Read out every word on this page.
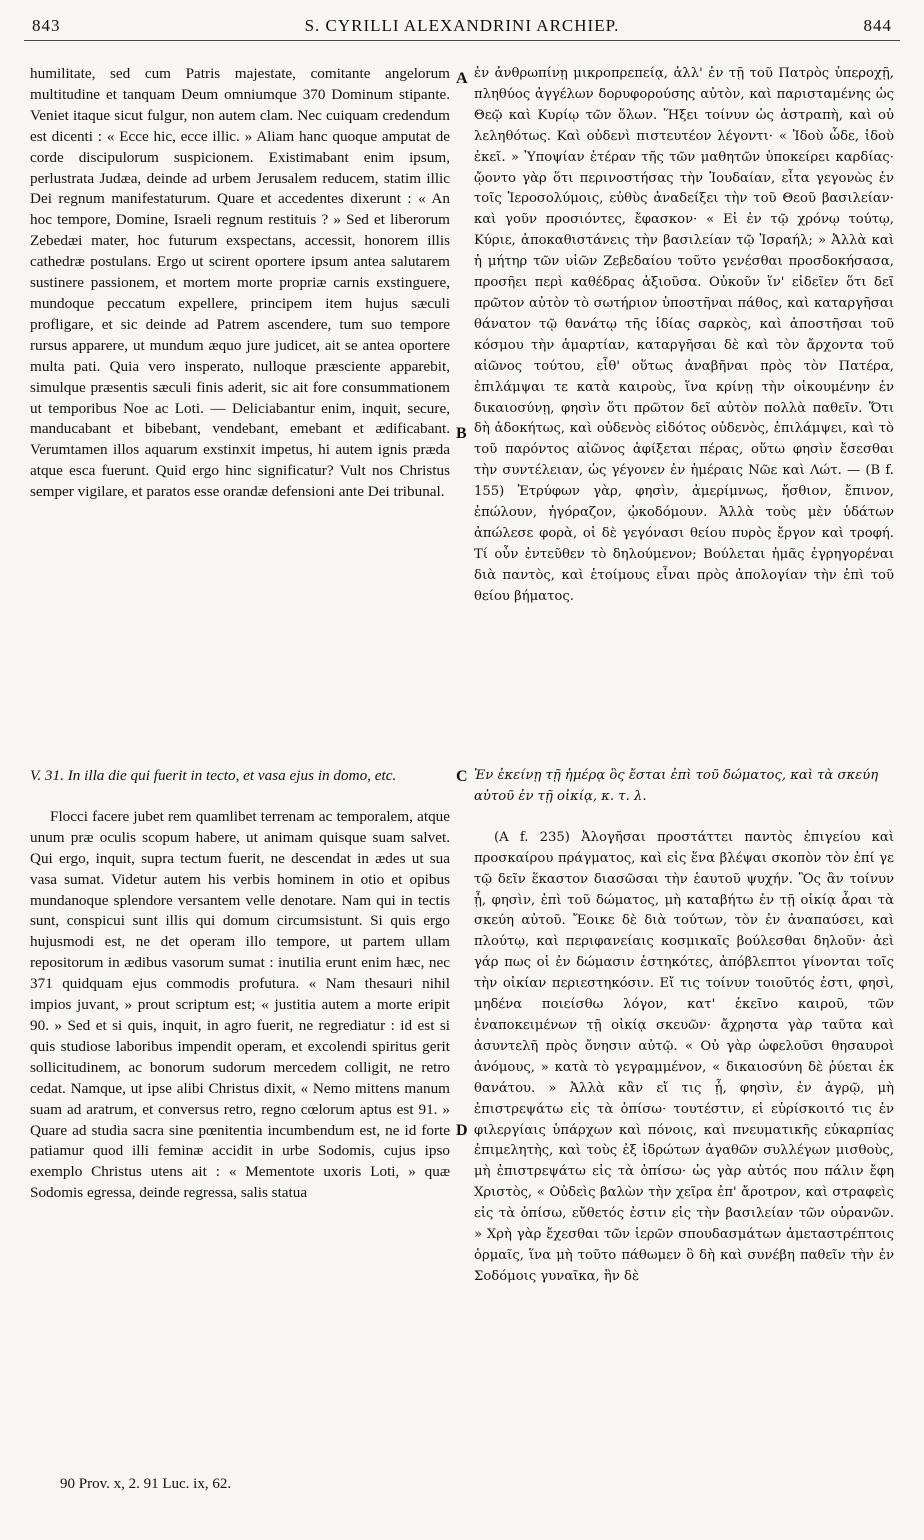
843	S. CYRILLI ALEXANDRINI ARCHIEP.	844
A
B
C
D

humilitate, sed cum Patris majestate, comitante angelorum multitudine et tanquam Deum omniumque 370 Dominum stipante. Veniet itaque sicut fulgur, non autem clam. Nec cuiquam credendum est dicenti : « Ecce hic, ecce illic. » Aliam hanc quoque amputat de corde discipulorum suspicionem. Existimabant enim ipsum, perlustrata Judæa, deinde ad urbem Jerusalem reducem, statim illic Dei regnum manifestaturum. Quare et accedentes dixerunt : « An hoc tempore, Domine, Israeli regnum restituis ? » Sed et liberorum Zebedæi mater, hoc futurum exspectans, accessit, honorem illis cathedræ postulans. Ergo ut scirent oportere ipsum antea salutarem sustinere passionem, et mortem morte propriæ carnis exstinguere, mundoque peccatum expellere, principem item hujus sæculi profligare, et sic deinde ad Patrem ascendere, tum suo tempore rursus apparere, ut mundum æquo jure judicet, ait se antea oportere multa pati. Quia vero insperato, nulloque præsciente apparebit, simulque præsentis sæculi finis aderit, sic ait fore consummationem ut temporibus Noe ac Loti. — Deliciabantur enim, inquit, secure, manducabant et bibebant, vendebant, emebant et ædificabant. Verumtamen illos aquarum exstinxit impetus, hi autem ignis præda atque esca fuerunt. Quid ergo hinc significatur? Vult nos Christus semper vigilare, et paratos esse orandæ defensioni ante Dei tribunal.

ἐν ἀνθρωπίνῃ μικροπρεπείᾳ, ἀλλ' ἐν τῇ τοῦ Πατρὸς ὑπεροχῇ, πληθύος ἀγγέλων δορυφορούσης αὐτὸν, καὶ παρισταμένης ὡς Θεῷ καὶ Κυρίῳ τῶν ὅλων. Ἥξει τοίνυν ὡς ἀστραπὴ, καὶ οὐ λεληθότως. Καὶ οὐδενὶ πιστευτέον λέγοντι· « Ἰδοὺ ὧδε, ἰδοὺ ἐκεῖ. » Ὑποψίαν ἑτέραν τῆς τῶν μαθητῶν ὑποκείρει καρδίας· ᾤοντο γὰρ ὅτι περινοστήσας τὴν Ἰουδαίαν, εἶτα γεγονὼς ἐν τοῖς Ἱεροσολύμοις, εὐθὺς ἀναδείξει τὴν τοῦ Θεοῦ βασιλείαν· καὶ γοῦν προσιόντες, ἔφασκον· « Εἰ ἐν τῷ χρόνῳ τούτῳ, Κύριε, ἀποκαθιστάνεις τὴν βασιλείαν τῷ Ἰσραήλ; » Ἀλλὰ καὶ ἡ μήτηρ τῶν υἱῶν Ζεβεδαίου τοῦτο γενέσθαι προσδοκήσασα, προσῆει περὶ καθέδρας ἀξιοῦσα. Οὐκοῦν ἵν' εἰδεῖεν ὅτι δεῖ πρῶτον αὐτὸν τὸ σωτήριον ὑποστῆναι πάθος, καὶ καταργῆσαι θάνατον τῷ θανάτῳ τῆς ἰδίας σαρκὸς, καὶ ἀποστῆσαι τοῦ κόσμου τὴν ἁμαρτίαν, καταργῆσαι δὲ καὶ τὸν ἄρχοντα τοῦ αἰῶνος τούτου, εἶθ' οὕτως ἀναβῆναι πρὸς τὸν Πατέρα, ἐπιλάμψαι τε κατὰ καιροὺς, ἵνα κρίνῃ τὴν οἰκουμένην ἐν δικαιοσύνῃ, φησὶν ὅτι πρῶτον δεῖ αὐτὸν πολλὰ παθεῖν. Ὅτι δὴ ἀδοκήτως, καὶ οὐδενὸς εἰδότος οὐδενὸς, ἐπιλάμψει, καὶ τὸ τοῦ παρόντος αἰῶνος ἀφίξεται πέρας, οὕτω φησὶν ἔσεσθαι τὴν συντέλειαν, ὡς γέγονεν ἐν ἡμέραις Νῶε καὶ Λώτ. — (B f. 155) Ἐτρύφων γὰρ, φησὶν, ἀμερίμνως, ἤσθιον, ἔπινον, ἐπώλουν, ἠγόραζον, ᾠκοδόμουν. Ἀλλὰ τοὺς μὲν ὑδάτων ἀπώλεσε φορὰ, οἱ δὲ γεγόνασι θείου πυρὸς ἔργον καὶ τροφή. Τί οὖν ἐντεῦθεν τὸ δηλούμενον; Βούλεται ἡμᾶς ἐγρηγορέναι διὰ παντὸς, καὶ ἑτοίμους εἶναι πρὸς ἀπολογίαν τὴν ἐπὶ τοῦ θείου βήματος.

V. 31. In illa die qui fuerit in tecto, et vasa ejus in domo, etc.

Flocci facere jubet rem quamlibet terrenam ac temporalem, atque unum præ oculis scopum habere, ut animam quisque suam salvet. Qui ergo, inquit, supra tectum fuerit, ne descendat in ædes ut sua vasa sumat. Videtur autem his verbis hominem in otio et opibus mundanoque splendore versantem velle denotare. Nam qui in tectis sunt, conspicui sunt illis qui domum circumsistunt. Si quis ergo hujusmodi est, ne det operam illo tempore, ut partem ullam repositorum in ædibus vasorum sumat : inutilia erunt enim hæc, nec 371 quidquam ejus commodis profutura. « Nam thesauri nihil impios juvant, » prout scriptum est; « justitia autem a morte eripit 90. » Sed et si quis, inquit, in agro fuerit, ne regrediatur : id est si quis studiose laboribus impendit operam, et excolendi spiritus gerit sollicitudinem, ac bonorum sudorum mercedem colligit, ne retro cedat. Namque, ut ipse alibi Christus dixit, « Nemo mittens manum suam ad aratrum, et conversus retro, regno cœlorum aptus est 91. » Quare ad studia sacra sine pœnitentia incumbendum est, ne id forte patiamur quod illi feminæ accidit in urbe Sodomis, cujus ipso exemplo Christus utens ait : « Mementote uxoris Loti, » quæ Sodomis egressa, deinde regressa, salis statua

Ἐν ἐκείνῃ τῇ ἡμέρᾳ ὃς ἔσται ἐπὶ τοῦ δώματος, καὶ τὰ σκεύη αὐτοῦ ἐν τῇ οἰκίᾳ, κ. τ. λ.

(A f. 235) Ἀλογῆσαι προστάττει παντὸς ἐπιγείου καὶ προσκαίρου πράγματος, καὶ εἰς ἕνα βλέψαι σκοπὸν τὸν ἐπί γε τῷ δεῖν ἕκαστον διασῶσαι τὴν ἑαυτοῦ ψυχήν. Ὃς ἂν τοίνυν ᾖ, φησὶν, ἐπὶ τοῦ δώματος, μὴ καταβήτω ἐν τῇ οἰκίᾳ ἆραι τὰ σκεύη αὐτοῦ. Ἔοικε δὲ διὰ τούτων, τὸν ἐν ἀναπαύσει, καὶ πλούτῳ, καὶ περιφανείαις κοσμικαῖς βούλεσθαι δηλοῦν· ἀεὶ γάρ πως οἱ ἐν δώμασιν ἑστηκότες, ἀπόβλεπτοι γίνονται τοῖς τὴν οἰκίαν περιεστηκόσιν. Εἴ τις τοίνυν τοιοῦτός ἐστι, φησὶ, μηδένα ποιείσθω λόγον, κατ' ἐκεῖνο καιροῦ, τῶν ἐναποκειμένων τῇ οἰκίᾳ σκευῶν· ἄχρηστα γὰρ ταῦτα καὶ ἀσυντελῆ πρὸς ὄνησιν αὐτῷ. « Οὐ γὰρ ὠφελοῦσι θησαυροὶ ἀνόμους, » κατὰ τὸ γεγραμμένον, « δικαιοσύνη δὲ ῥύεται ἐκ θανάτου. » Ἀλλὰ κἂν εἴ τις ᾖ, φησὶν, ἐν ἀγρῷ, μὴ ἐπιστρεψάτω εἰς τὰ ὀπίσω· τουτέστιν, εἰ εὑρίσκοιτό τις ἐν φιλεργίαις ὑπάρχων καὶ πόνοις, καὶ πνευματικῆς εὐκαρπίας ἐπιμελητὴς, καὶ τοὺς ἐξ ἱδρώτων ἀγαθῶν συλλέγων μισθοὺς, μὴ ἐπιστρεψάτω εἰς τὰ ὀπίσω· ὡς γὰρ αὐτός που πάλιν ἔφη Χριστὸς, « Οὐδεὶς βαλὼν τὴν χεῖρα ἐπ' ἄροτρον, καὶ στραφεὶς εἰς τὰ ὀπίσω, εὔθετός ἐστιν εἰς τὴν βασιλείαν τῶν οὐρανῶν. » Χρὴ γὰρ ἔχεσθαι τῶν ἱερῶν σπουδασμάτων ἀμεταστρέπτοις ὁρμαῖς, ἵνα μὴ τοῦτο πάθωμεν ὃ δὴ καὶ συνέβη παθεῖν τὴν ἐν Σοδόμοις γυναῖκα, ἣν δὲ

90 Prov. x, 2. 91 Luc. ix, 62.
